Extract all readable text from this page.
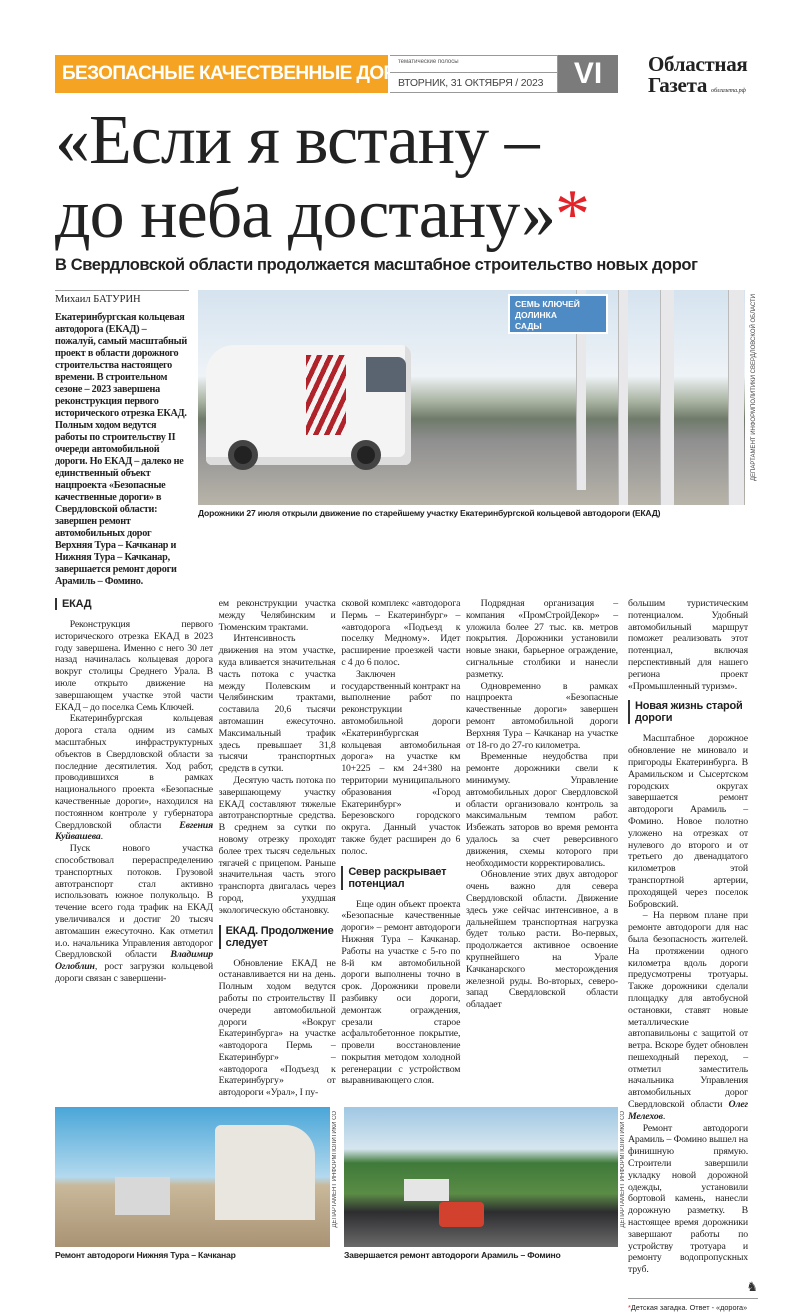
БЕЗОПАСНЫЕ КАЧЕСТВЕННЫЕ ДОРОГИ
тематические полосы
ВТОРНИК, 31 ОКТЯБРЯ / 2023	VI	Областная
Газета облгазета.рф
«Если я встану –
до неба достану»*
В Свердловской области продолжается масштабное строительство новых дорог
Михаил БАТУРИН
Екатеринбургская кольцевая автодорога (ЕКАД) – пожалуй, самый масштабный проект в области дорожного строительства настоящего времени. В строительном сезоне – 2023 завершена реконструкция первого исторического отрезка ЕКАД. Полным ходом ведутся работы по строительству II очереди автомобильной дороги. Но ЕКАД – далеко не единственный объект нацпроекта «Безопасные качественные дороги» в Свердловской области: завершен ремонт автомобильных дорог Верхняя Тура – Качканар и Нижняя Тура – Качканар, завершается ремонт дороги Арамиль – Фомино.
СЕМЬ КЛЮЧЕЙ
ДОЛИНКА
САДЫ	ДЕПАРТАМЕНТ ИНФОРМПОЛИТИКИ СВЕРДЛОВСКОЙ ОБЛАСТИ
Дорожники 27 июля открыли движение по старейшему участку Екатеринбургской кольцевой автодороги (ЕКАД)
ЕКАД

Реконструкция первого исторического отрезка ЕКАД в 2023 году завершена. Именно с него 30 лет назад начиналась кольцевая дорога вокруг столицы Среднего Урала. В июле открыто движение на завершающем участке этой части ЕКАД – до поселка Семь Ключей.

Екатеринбургская кольцевая дорога стала одним из самых масштабных инфраструктурных объектов в Свердловской области за последние десятилетия. Ход работ, проводившихся в рамках национального проекта «Безопасные качественные дороги», находился на постоянном контроле у губернатора Свердловской области Евгения Куйвашева.

Пуск нового участка способствовал перераспределению транспортных потоков. Грузовой автотранспорт стал активно использовать южное полукольцо. В течение всего года трафик на ЕКАД увеличивался и достиг 20 тысяч автомашин ежесуточно. Как отметил и.о. начальника Управления автодорог Свердловской области Владимир Оглоблин, рост загрузки кольцевой дороги связан с завершени-

ем реконструкции участка между Челябинским и Тюменским трактами.

Интенсивность движения на этом участке, куда вливается значительная часть потока с участка между Полевским и Челябинским трактами, составила 20,6 тысячи автомашин ежесуточно. Максимальный трафик здесь превышает 31,8 тысячи транспортных средств в сутки.

Десятую часть потока по завершающему участку ЕКАД составляют тяжелые автотранспортные средства. В среднем за сутки по новому отрезку проходят более трех тысяч седельных тягачей с прицепом. Раньше значительная часть этого транспорта двигалась через город, ухудшая экологическую обстановку.

ЕКАД. Продолжение следует

Обновление ЕКАД не останавливается ни на день. Полным ходом ведутся работы по строительству II очереди автомобильной дороги «Вокруг Екатеринбурга» на участке «автодорога Пермь – Екатеринбург» – «автодорога «Подъезд к Екатеринбургу» от автодороги «Урал», I пу-

сковой комплекс «автодорога Пермь – Екатеринбург» – «автодорога «Подъезд к поселку Медному». Идет расширение проезжей части с 4 до 6 полос.

Заключен государственный контракт на выполнение работ по реконструкции автомобильной дороги «Екатеринбургская кольцевая автомобильная дорога» на участке км 10+225 – км 24+380 на территории муниципального образования «Город Екатеринбург» и Березовского городского округа. Данный участок также будет расширен до 6 полос.

Север раскрывает потенциал

Еще один объект проекта «Безопасные качественные дороги» – ремонт автодороги Нижняя Тура – Качканар. Работы на участке с 5-го по 8-й км автомобильной дороги выполнены точно в срок. Дорожники провели разбивку оси дороги, демонтаж ограждения, срезали старое асфальтобетонное покрытие, провели восстановление покрытия методом холодной регенерации с устройством выравнивающего слоя.

Подрядная организация – компания «ПромСтройДекор» – уложила более 27 тыс. кв. метров покрытия. Дорожники установили новые знаки, барьерное ограждение, сигнальные столбики и нанесли разметку.

Одновременно в рамках нацпроекта «Безопасные качественные дороги» завершен ремонт автомобильной дороги Верхняя Тура – Качканар на участке от 18-го до 27-го километра.

Временные неудобства при ремонте дорожники свели к минимуму. Управление автомобильных дорог Свердловской области организовало контроль за максимальным темпом работ. Избежать заторов во время ремонта удалось за счет реверсивного движения, схемы которого при необходимости корректировались.

Обновление этих двух автодорог очень важно для севера Свердловской области. Движение здесь уже сейчас интенсивное, а в дальнейшем транспортная нагрузка будет только расти. Во-первых, продолжается активное освоение крупнейшего на Урале Качканарского месторождения железной руды. Во-вторых, северо-запад Свердловской области обладает

ДЕПАРТАМЕНТ ИНФОРМПОЛИТИКИ СО
Ремонт автодороги Нижняя Тура – Качканар
ДЕПАРТАМЕНТ ИНФОРМПОЛИТИКИ СО
Завершается ремонт автодороги Арамиль – Фомино

большим туристическим потенциалом. Удобный автомобильный маршрут поможет реализовать этот потенциал, включая перспективный для нашего региона проект «Промышленный туризм».

Новая жизнь старой дороги

Масштабное дорожное обновление не миновало и пригороды Екатеринбурга. В Арамильском и Сысертском городских округах завершается ремонт автодороги Арамиль – Фомино. Новое полотно уложено на отрезках от нулевого до второго и от третьего до двенадцатого километров этой транспортной артерии, проходящей через поселок Бобровский.

– На первом плане при ремонте автодороги для нас была безопасность жителей. На протяжении одного километра вдоль дороги предусмотрены тротуары. Также дорожники сделали площадку для автобусной остановки, ставят новые металлические автопавильоны с защитой от ветра. Вскоре будет обновлен пешеходный переход, – отметил заместитель начальника Управления автомобильных дорог Свердловской области Олег Мелехов.

Ремонт автодороги Арамиль – Фомино вышел на финишную прямую. Строители завершили укладку новой дорожной одежды, установили бортовой камень, нанесли дорожную разметку. В настоящее время дорожники завершают работы по устройству тротуара и ремонту водопропускных труб.

♞
*Детская загадка. Ответ - «дорога»
